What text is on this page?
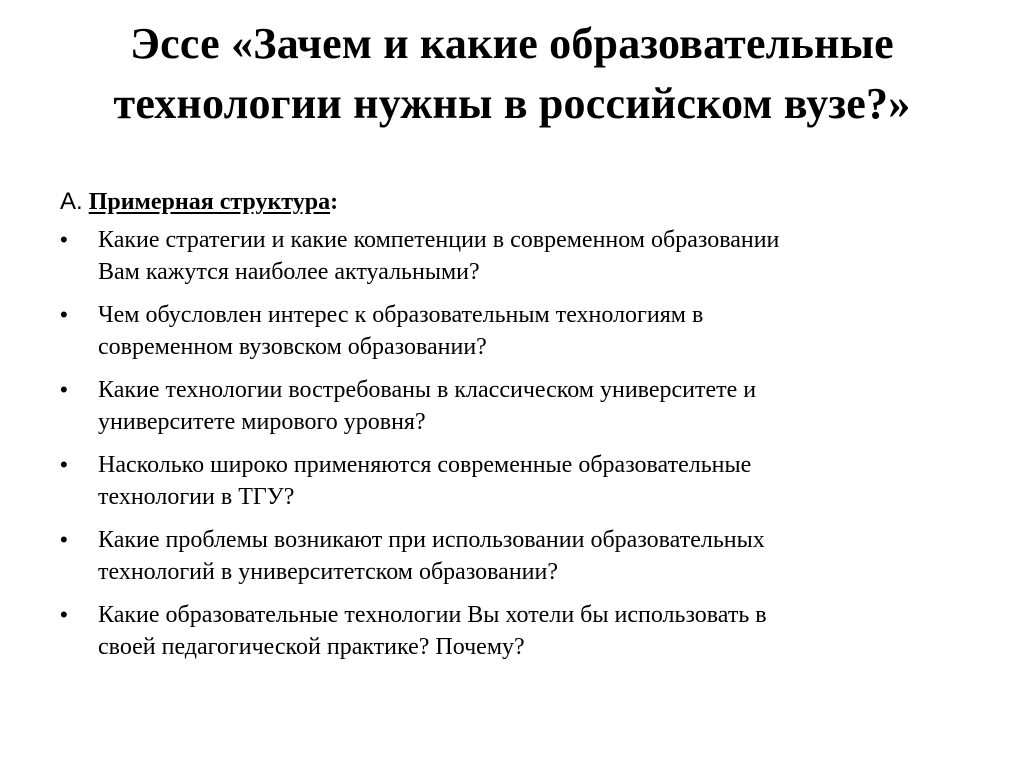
Эссе «Зачем и какие образовательные
технологии нужны в российском вузе?»
А. Примерная структура:
• Какие стратегии и какие компетенции в современном образовании
Вам кажутся наиболее актуальными?
• Чем обусловлен интерес к образовательным технологиям в
современном вузовском образовании?
• Какие технологии востребованы в классическом университете и
университете мирового уровня?
• Насколько широко применяются современные образовательные
технологии в ТГУ?
• Какие проблемы возникают при использовании образовательных
технологий в университетском образовании?
• Какие образовательные технологии Вы хотели бы использовать в
своей педагогической практике? Почему?
